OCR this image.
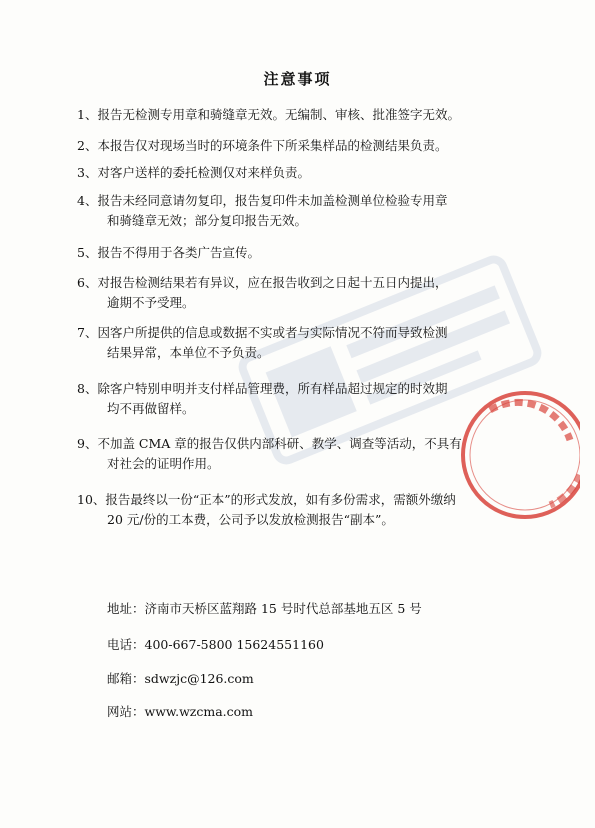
注意事项
1、报告无检测专用章和骑缝章无效。无编制、审核、批准签字无效。
2、本报告仅对现场当时的环境条件下所采集样品的检测结果负责。
3、对客户送样的委托检测仅对来样负责。
4、报告未经同意请勿复印，报告复印件未加盖检测单位检验专用章
和骑缝章无效；部分复印报告无效。
5、报告不得用于各类广告宣传。
6、对报告检测结果若有异议，应在报告收到之日起十五日内提出，
逾期不予受理。
7、因客户所提供的信息或数据不实或者与实际情况不符而导致检测
结果异常，本单位不予负责。
8、除客户特别申明并支付样品管理费，所有样品超过规定的时效期
均不再做留样。
9、不加盖 CMA 章的报告仅供内部科研、教学、调查等活动，不具有
对社会的证明作用。
10、报告最终以一份“正本”的形式发放，如有多份需求，需额外缴纳
20 元/份的工本费，公司予以发放检测报告“副本”。
地址：济南市天桥区蓝翔路 15 号时代总部基地五区 5 号
电话：400-667-5800 15624551160
邮箱：sdwzjc@126.com
网站：www.wzcma.com
